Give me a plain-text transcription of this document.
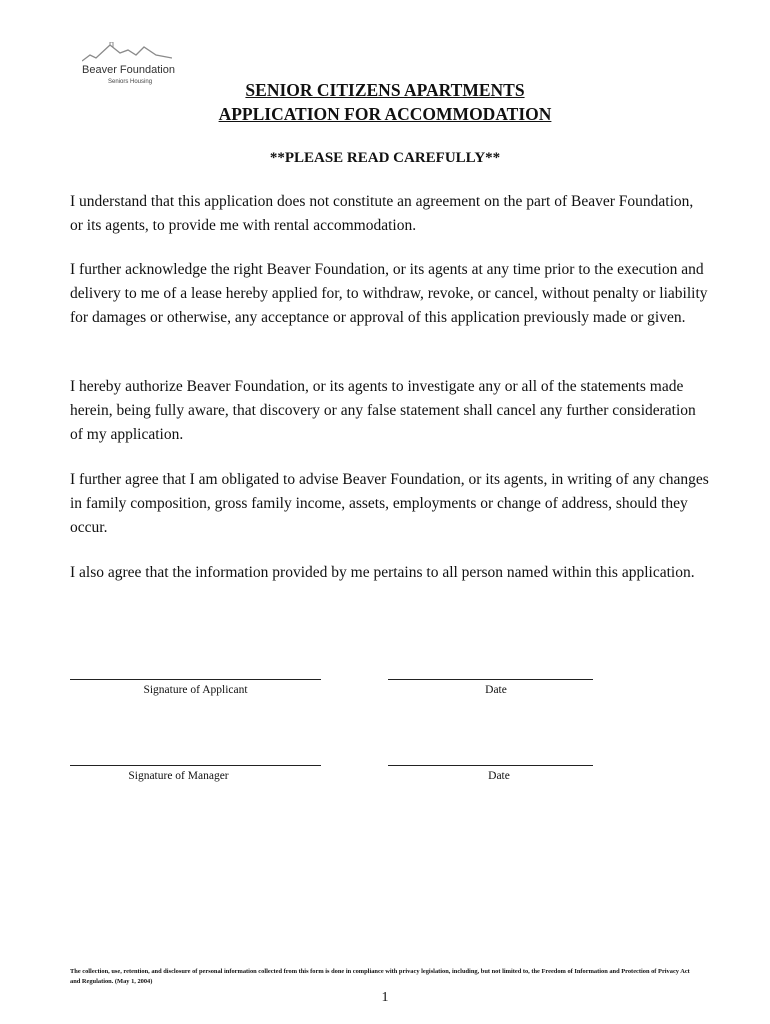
Beaver Foundation
Seniors Housing	SENIOR CITIZENS APARTMENTS
APPLICATION FOR ACCOMMODATION
**PLEASE READ CAREFULLY**

I understand that this application does not constitute an agreement on the part of Beaver Foundation, or its agents, to provide me with rental accommodation.

I further acknowledge the right Beaver Foundation, or its agents at any time prior to the execution and delivery to me of a lease hereby applied for, to withdraw, revoke, or cancel, without penalty or liability for damages or otherwise, any acceptance or approval of this application previously made or given.

I hereby authorize Beaver Foundation, or its agents to investigate any or all of the statements made herein, being fully aware, that discovery or any false statement shall cancel any further consideration of my application.

I further agree that I am obligated to advise Beaver Foundation, or its agents, in writing of any changes in family composition, gross family income, assets, employments or change of address, should they occur.

I also agree that the information provided by me pertains to all person named within this application.

Signature of Applicant	Date
Signature of Manager	Date
The collection, use, retention, and disclosure of personal information collected from this form is done in compliance with privacy legislation, including, but not limited to, the Freedom of Information and Protection of Privacy Act and Regulation. (May 1, 2004)
1
